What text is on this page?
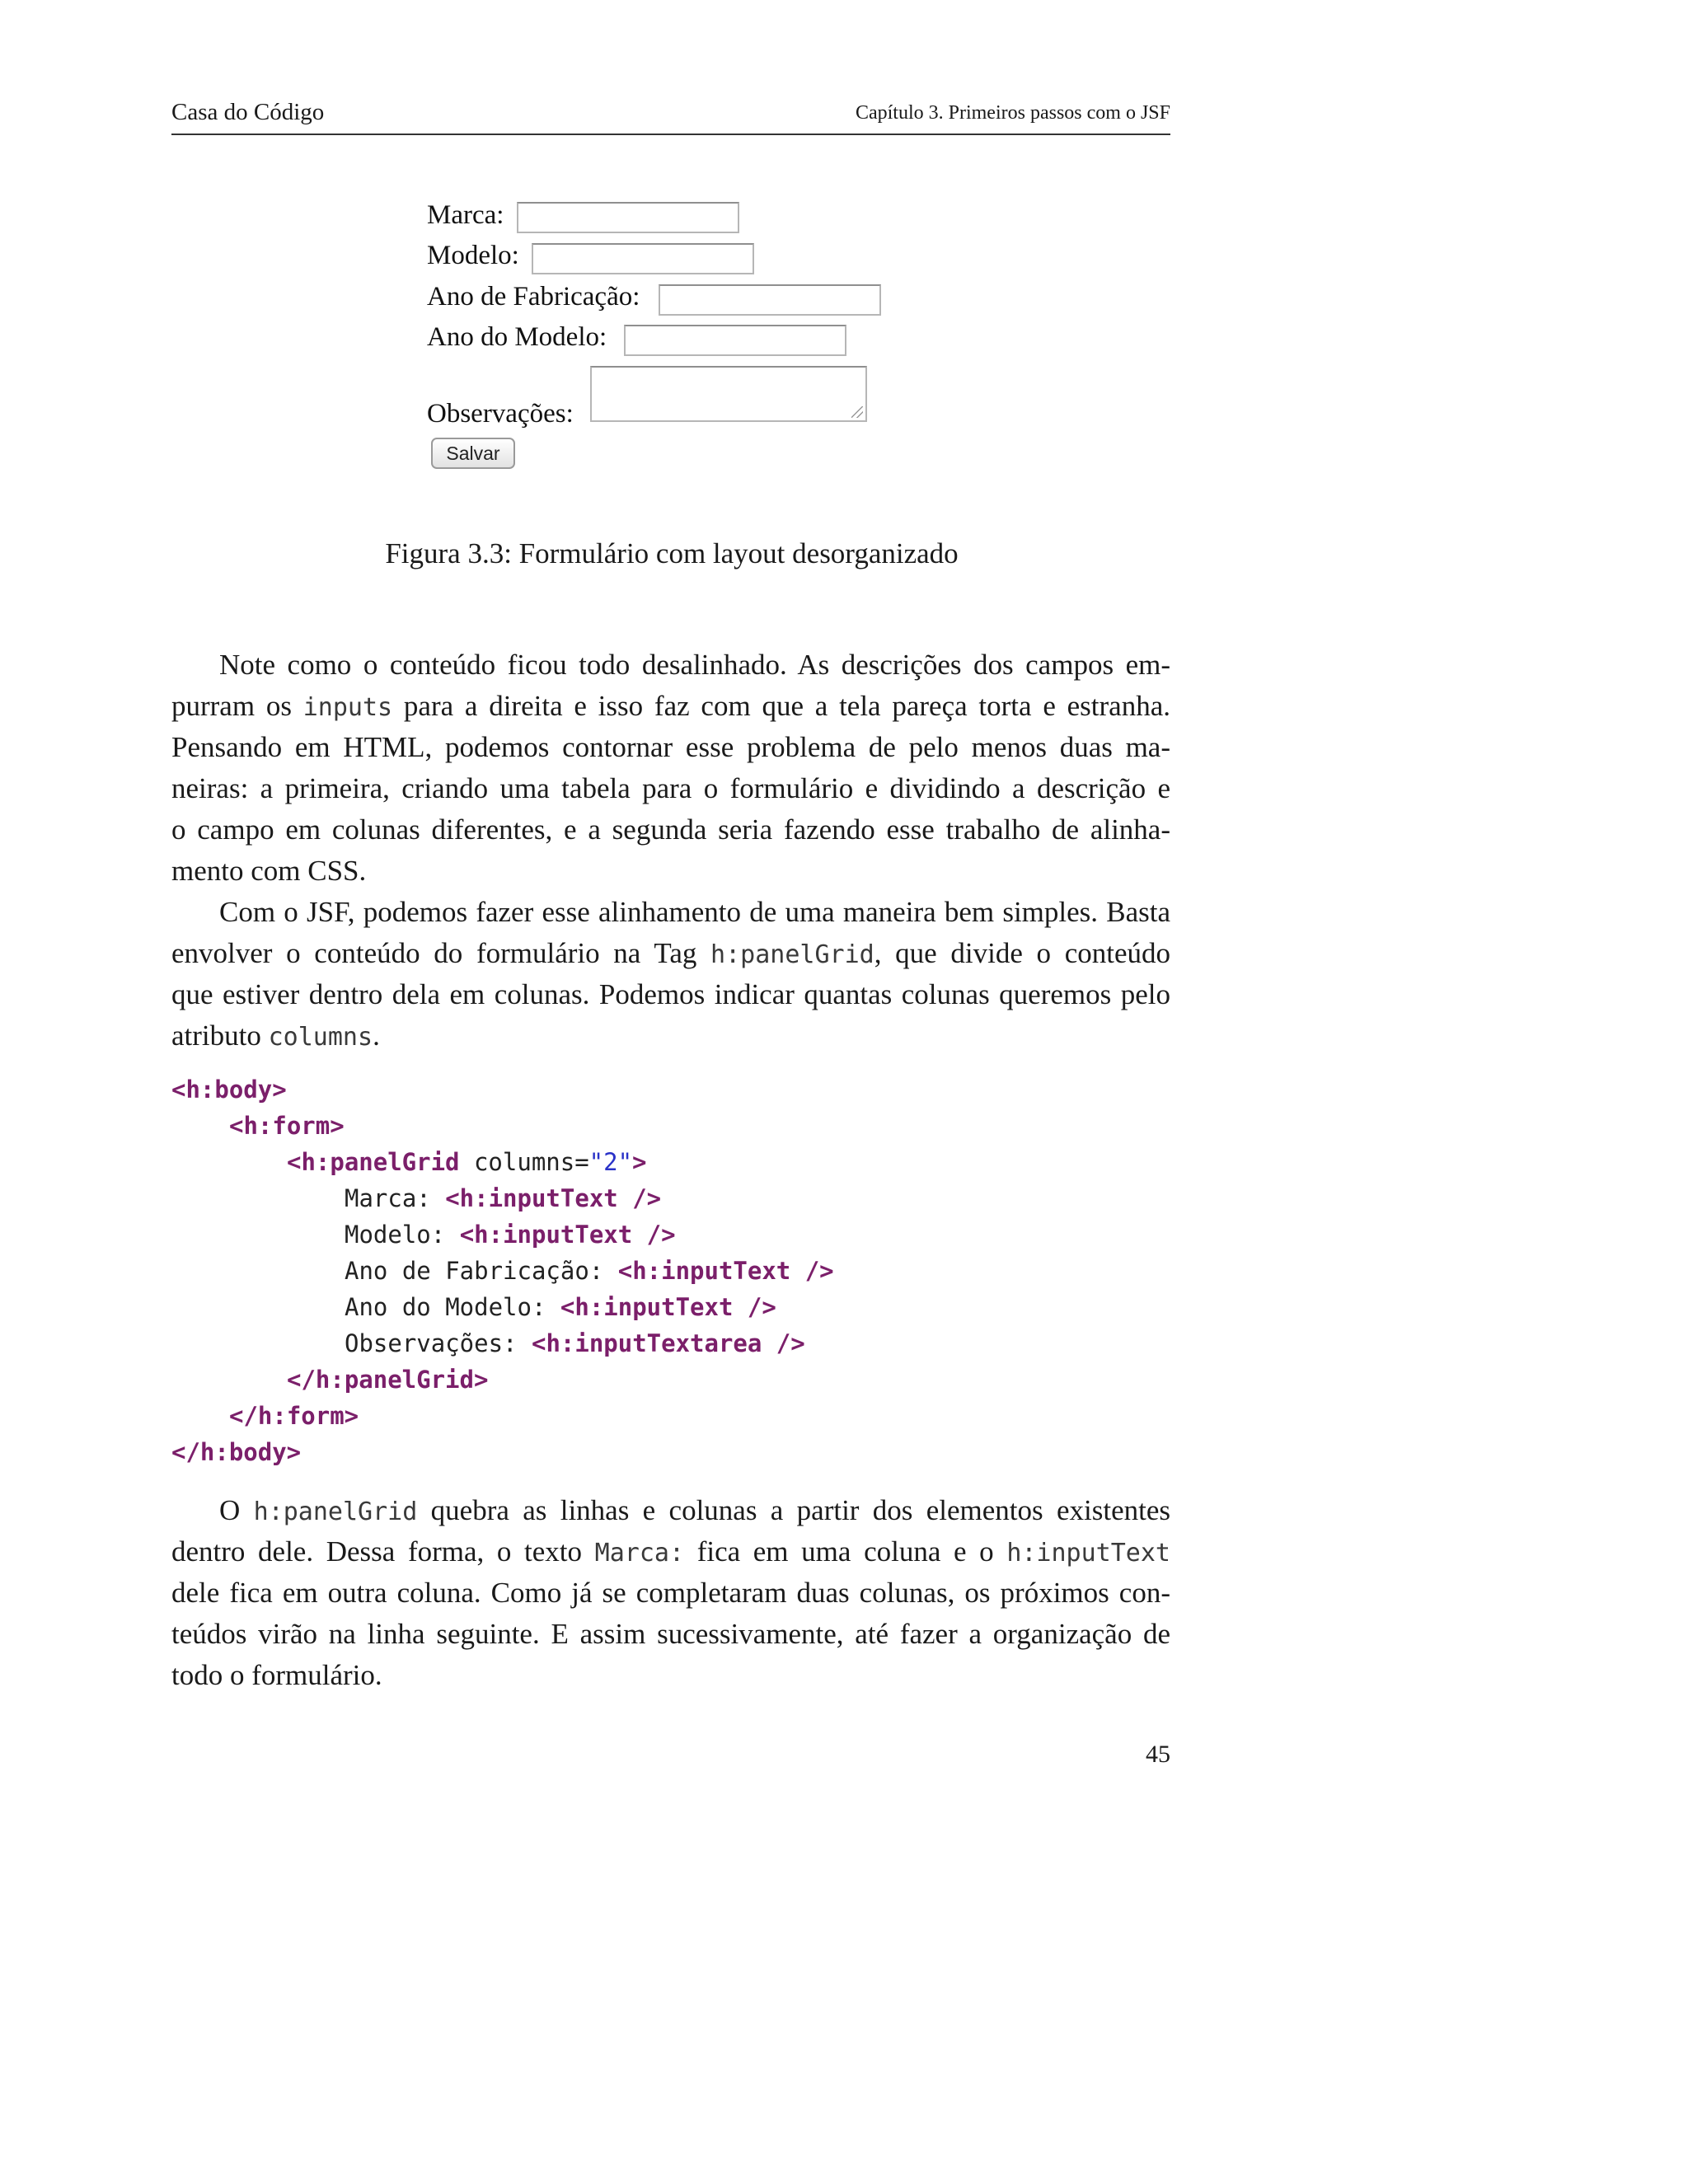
Casa do Código	Capítulo 3. Primeiros passos com o JSF
Marca:
Modelo:
Ano de Fabricação:
Ano do Modelo:
Observações:
Salvar
Figura 3.3: Formulário com layout desorganizado
Note como o conteúdo ficou todo desalinhado. As descrições dos campos em-
purram os inputs para a direita e isso faz com que a tela pareça torta e estranha.
Pensando em HTML, podemos contornar esse problema de pelo menos duas ma-
neiras: a primeira, criando uma tabela para o formulário e dividindo a descrição e
o campo em colunas diferentes, e a segunda seria fazendo esse trabalho de alinha-
mento com CSS.
Com o JSF, podemos fazer esse alinhamento de uma maneira bem simples. Basta
envolver o conteúdo do formulário na Tag h:panelGrid, que divide o conteúdo
que estiver dentro dela em colunas. Podemos indicar quantas colunas queremos pelo
atributo columns.
<h:body>
<h:form>
<h:panelGrid columns="2">
Marca: <h:inputText />
Modelo: <h:inputText />
Ano de Fabricação: <h:inputText />
Ano do Modelo: <h:inputText />
Observações: <h:inputTextarea />
</h:panelGrid>
</h:form>
</h:body>
O h:panelGrid quebra as linhas e colunas a partir dos elementos existentes
dentro dele. Dessa forma, o texto Marca: fica em uma coluna e o h:inputText
dele fica em outra coluna. Como já se completaram duas colunas, os próximos con-
teúdos virão na linha seguinte. E assim sucessivamente, até fazer a organização de
todo o formulário.
45
